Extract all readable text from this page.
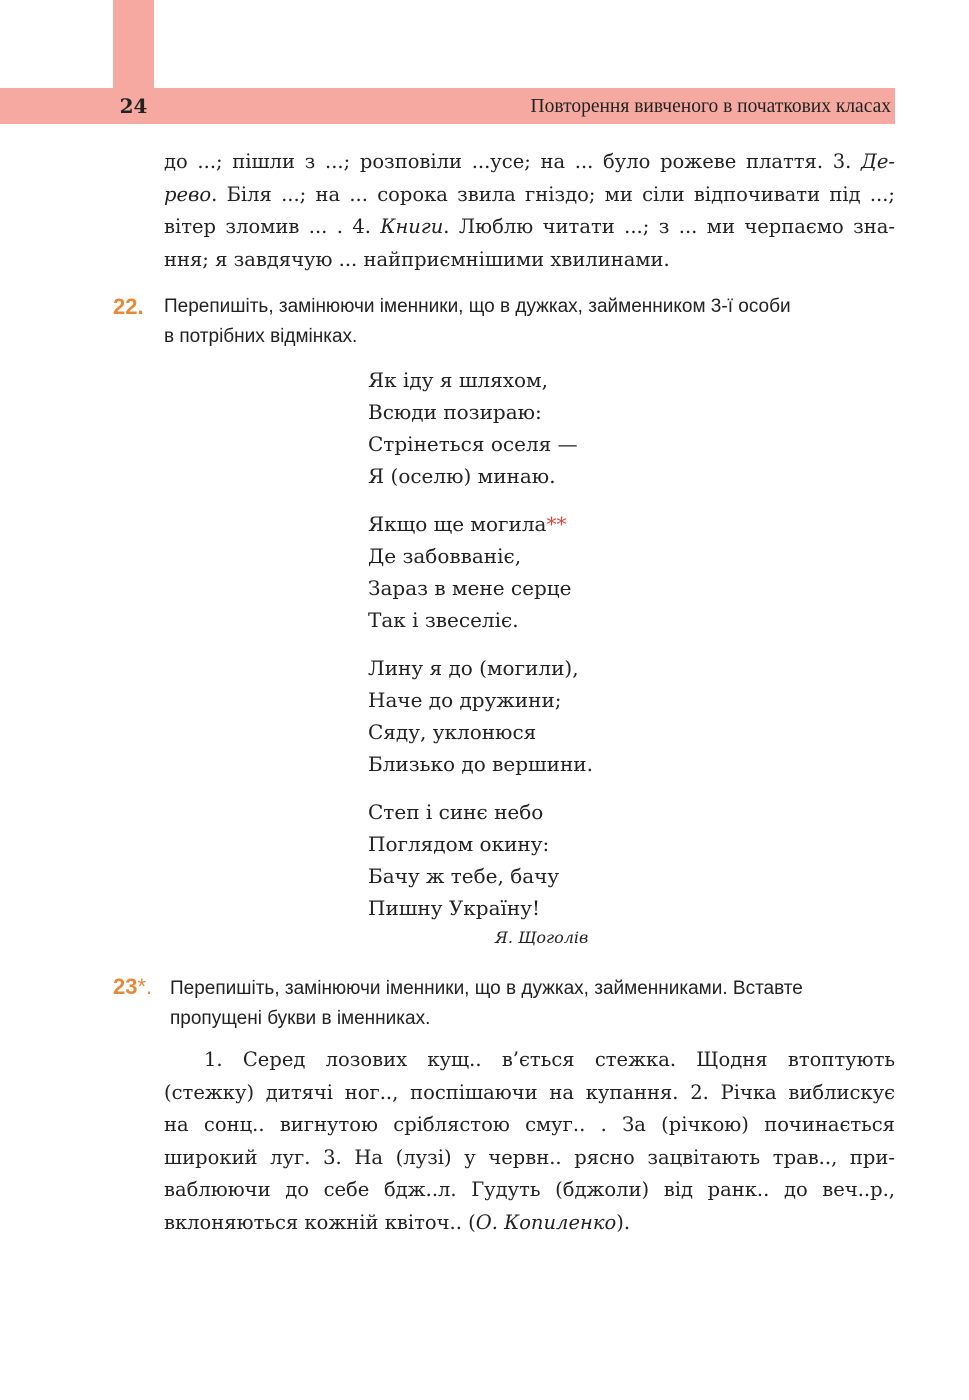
24	Повторення вивченого в початкових класах
до ...; пішли з ...; розповіли ...усе; на ... було рожеве плаття. 3. Де-
рево. Біля ...; на ... сорока звила гніздо; ми сіли відпочивати під ...;
вітер зломив ... . 4. Книги. Люблю читати ...; з ... ми черпаємо зна-
ння; я завдячую ... найприємнішими хвилинами.
22. Перепишіть, замінюючи іменники, що в дужках, займенником 3-ї особи
в потрібних відмінках.
Як іду я шляхом,
Всюди позираю:
Стрінеться оселя —
Я (оселю) минаю.
Якщо ще могила**
Де забовваніє,
Зараз в мене серце
Так і звеселіє.
Лину я до (могили),
Наче до дружини;
Сяду, уклонюся
Близько до вершини.
Степ і синє небо
Поглядом окину:
Бачу ж тебе, бачу
Пишну Україну!
Я. Щоголів
23*. Перепишіть, замінюючи іменники, що в дужках, займенниками. Вставте
пропущені букви в іменниках.
1. Серед лозових кущ.. в’ється стежка. Щодня втоптують
(стежку) дитячі ног.., поспішаючи на купання. 2. Річка виблискує
на сонц.. вигнутою сріблястою смуг.. . За (річкою) починається
широкий луг. 3. На (лузі) у червн.. рясно зацвітають трав.., при-
ваблюючи до себе бдж..л. Гудуть (бджоли) від ранк.. до веч..р.,
вклоняються кожній квіточ.. (О. Копиленко).
